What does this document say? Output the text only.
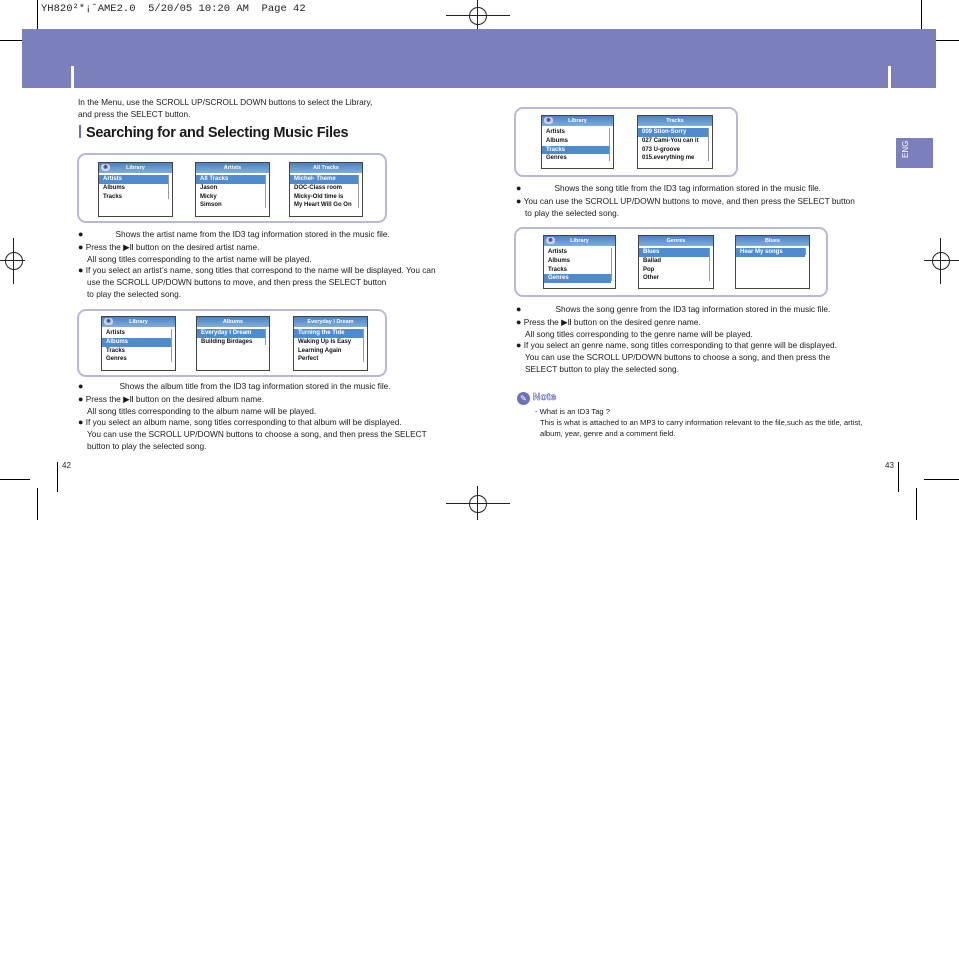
YH820²*¡ˆAME2.0  5/20/05 10:20 AM  Page 42
ENG
In the Menu, use the SCROLL UP/SCROLL DOWN buttons to select the Library,
and press the SELECT button.
Searching for and Selecting Music Files
◉	Library
Artists
Albums
Tracks
Artists
All Tracks
Jason
Micky
Simson
All Tracks
Michel- Theme
DOC-Class room
Micky-Old time is
My Heart Will Go On
●	Shows the artist name from the ID3 tag information stored in the music file.
● Press the ▶Ⅱ button on the desired artist name.
All song titles corresponding to the artist name will be played.
● If you select an artist’s name, song titles that correspond to the name will be displayed. You can
use the SCROLL UP/DOWN buttons to move, and then press the SELECT button
to play the selected song.
◉	Library
Artists
Albums
Tracks
Genres
Albums
Everyday I Dream
Building Birdages
Everyday I Dream
Turning the Tide
Waking Up Is Easy
Learning Again
Perfect
●	Shows the album title from the ID3 tag information stored in the music file.
● Press the ▶Ⅱ button on the desired album name.
All song titles corresponding to the album name will be played.
● If you select an album name, song titles corresponding to that album will be displayed.
You can use the SCROLL UP/DOWN buttons to choose a song, and then press the SELECT
button to play the selected song.
42
◉	Library
Artists
Albums
Tracks
Genres
Tracks
009 Stion-Sorry
027 Cami-You can it
073 U-groove
015.everything me
●	Shows the song title from the ID3 tag information stored in the music file.
● You can use the SCROLL UP/DOWN buttons to move, and then press the SELECT button
to play the selected song.
◉	Library
Artists
Albums
Tracks
Genres
Genres
Blues
Ballad
Pop
Other
Blues
Hear My songs
●	Shows the song genre from the ID3 tag information stored in the music file.
● Press the ▶Ⅱ button on the desired genre name.
All song titles corresponding to the genre name will be played.
● If you select an genre name, song titles corresponding to that genre will be displayed.
You can use the SCROLL UP/DOWN buttons to choose a song, and then press the
SELECT button to play the selected song.
✎ Note
- What is an ID3 Tag ?
This is what is attached to an MP3 to carry information relevant to the file,such as the title, artist,
album, year, genre and a comment field.
43
